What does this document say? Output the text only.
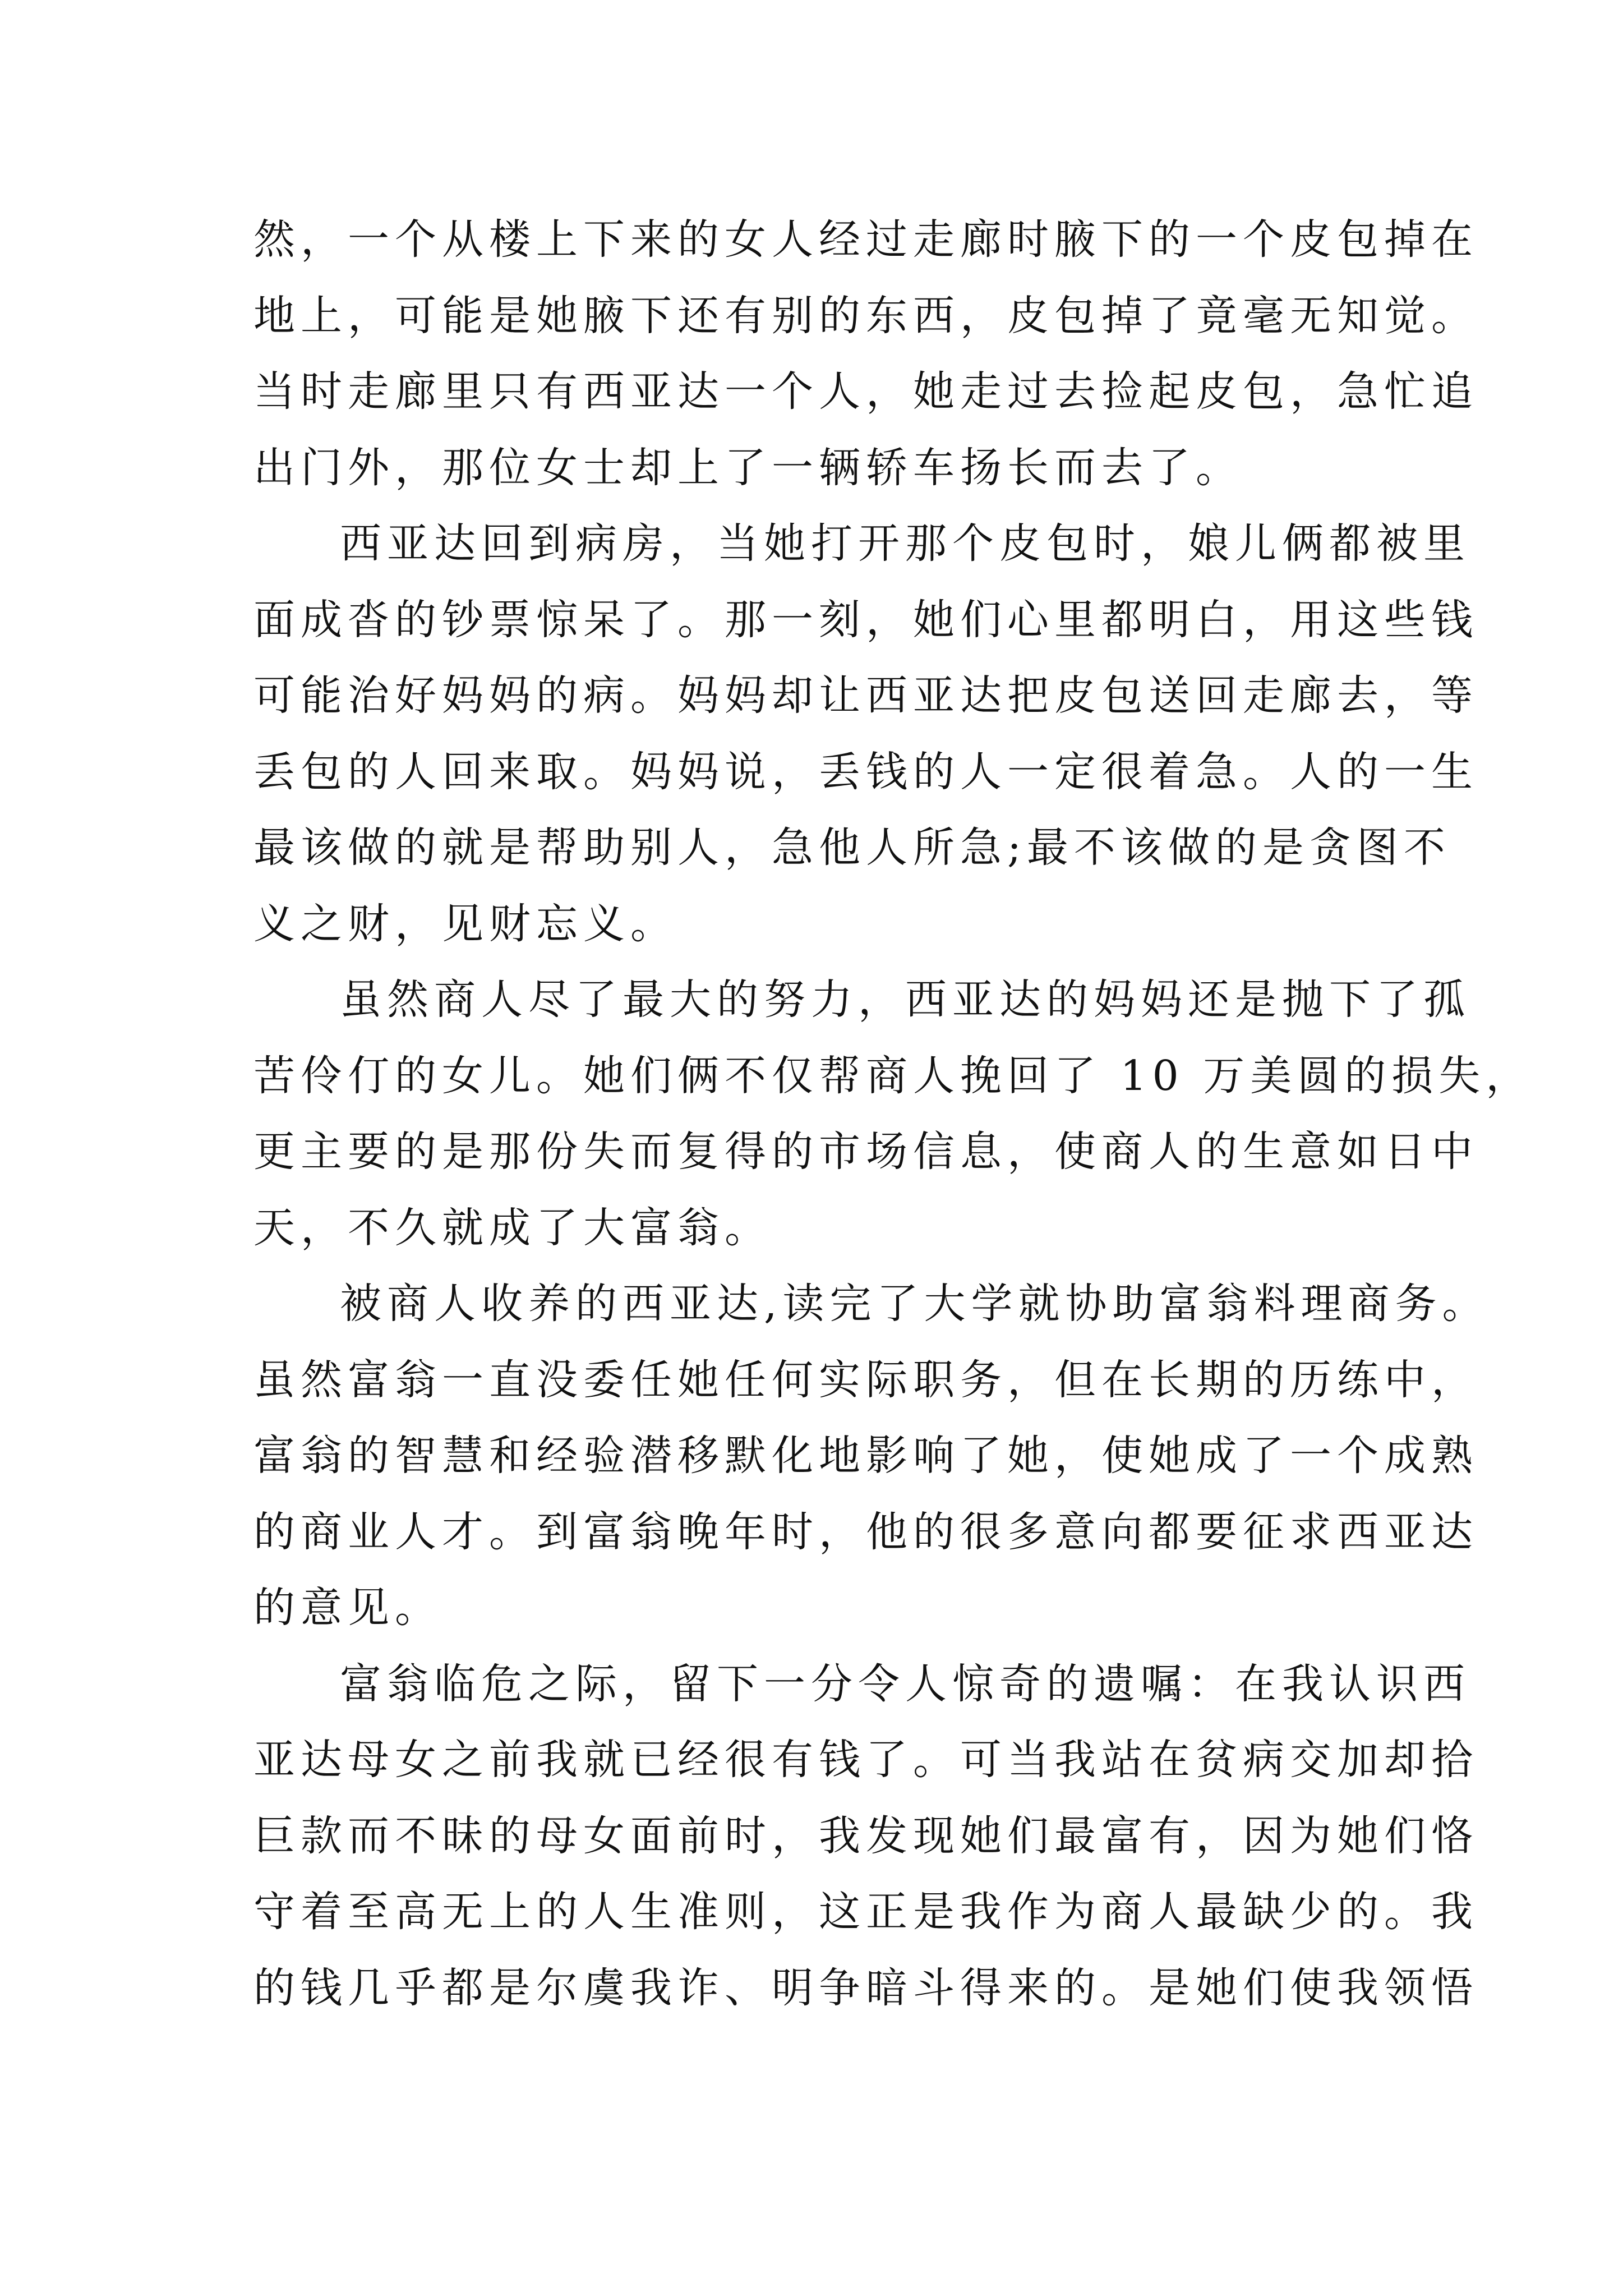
然，一个从楼上下来的女人经过走廊时腋下的一个皮包掉在
地上，可能是她腋下还有别的东西，皮包掉了竟毫无知觉。
当时走廊里只有西亚达一个人，她走过去捡起皮包，急忙追
出门外，那位女士却上了一辆轿车扬长而去了。
西亚达回到病房，当她打开那个皮包时，娘儿俩都被里
面成沓的钞票惊呆了。那一刻，她们心里都明白，用这些钱
可能治好妈妈的病。妈妈却让西亚达把皮包送回走廊去，等
丢包的人回来取。妈妈说，丢钱的人一定很着急。人的一生
最该做的就是帮助别人，急他人所急;最不该做的是贪图不
义之财，见财忘义。
虽然商人尽了最大的努力，西亚达的妈妈还是抛下了孤
苦伶仃的女儿。她们俩不仅帮商人挽回了 10 万美圆的损失，
更主要的是那份失而复得的市场信息，使商人的生意如日中
天，不久就成了大富翁。
被商人收养的西亚达,读完了大学就协助富翁料理商务。
虽然富翁一直没委任她任何实际职务，但在长期的历练中，
富翁的智慧和经验潜移默化地影响了她，使她成了一个成熟
的商业人才。到富翁晚年时，他的很多意向都要征求西亚达
的意见。
富翁临危之际，留下一分令人惊奇的遗嘱：在我认识西
亚达母女之前我就已经很有钱了。可当我站在贫病交加却拾
巨款而不昧的母女面前时，我发现她们最富有，因为她们恪
守着至高无上的人生准则，这正是我作为商人最缺少的。我
的钱几乎都是尔虞我诈、明争暗斗得来的。是她们使我领悟
